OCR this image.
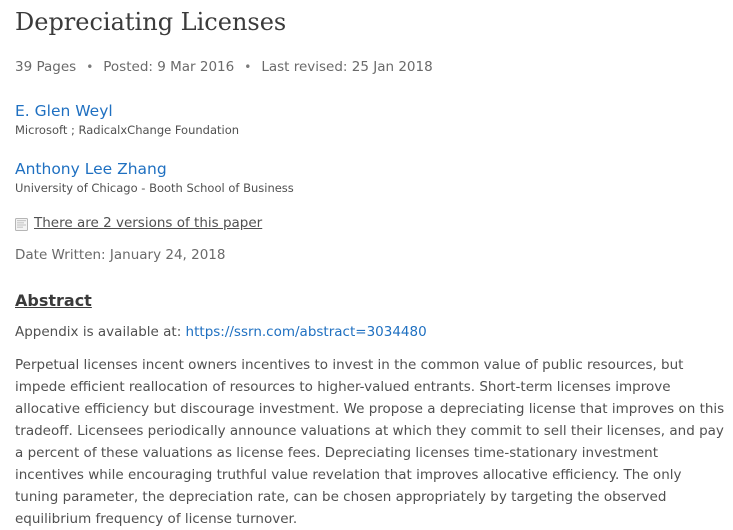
Depreciating Licenses
39 Pages • Posted: 9 Mar 2016 • Last revised: 25 Jan 2018
E. Glen Weyl
Microsoft ; RadicalxChange Foundation
Anthony Lee Zhang
University of Chicago - Booth School of Business
There are 2 versions of this paper
Date Written: January 24, 2018
Abstract
Appendix is available at: https://ssrn.com/abstract=3034480

Perpetual licenses incent owners incentives to invest in the common value of public resources, but impede efficient reallocation of resources to higher-valued entrants. Short-term licenses improve allocative efficiency but discourage investment. We propose a depreciating license that improves on this tradeoff. Licensees periodically announce valuations at which they commit to sell their licenses, and pay a percent of these valuations as license fees. Depreciating licenses time-stationary investment incentives while encouraging truthful value revelation that improves allocative efficiency. The only tuning parameter, the depreciation rate, can be chosen appropriately by targeting the observed equilibrium frequency of license turnover.
